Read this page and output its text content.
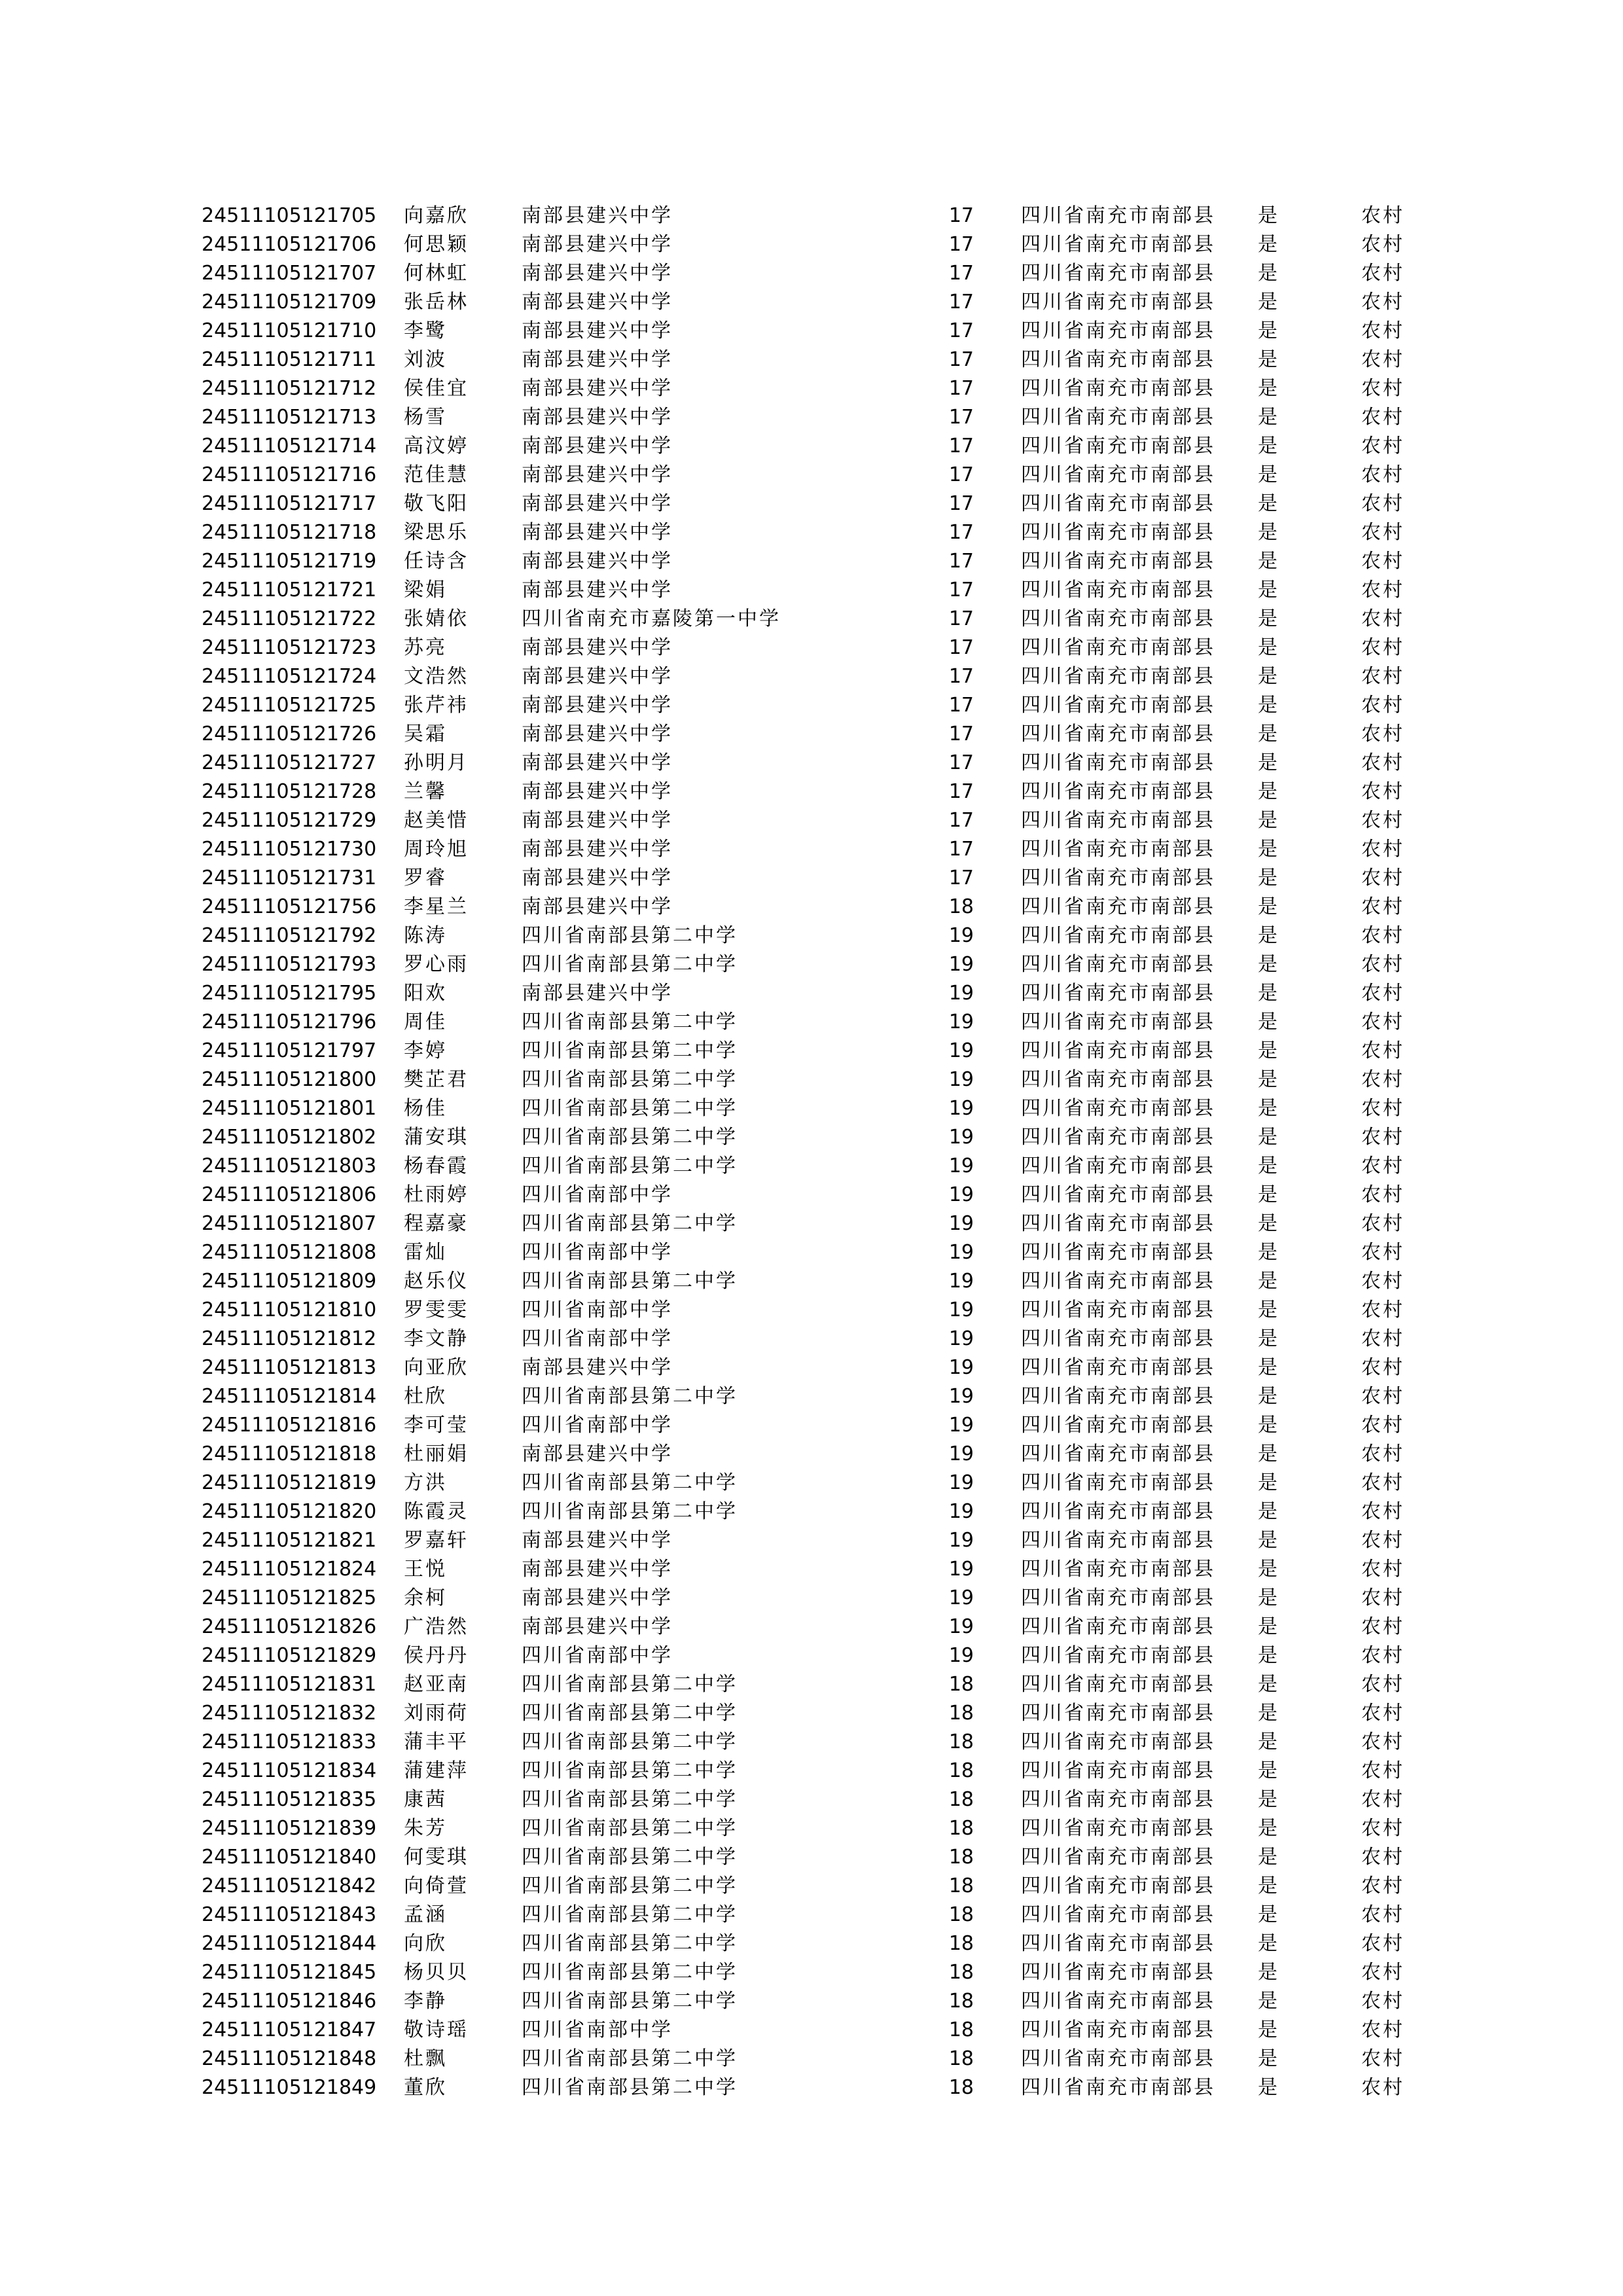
24511105121705	向嘉欣	南部县建兴中学	17	四川省南充市南部县	是	农村
24511105121706	何思颖	南部县建兴中学	17	四川省南充市南部县	是	农村
24511105121707	何林虹	南部县建兴中学	17	四川省南充市南部县	是	农村
24511105121709	张岳林	南部县建兴中学	17	四川省南充市南部县	是	农村
24511105121710	李鹭	南部县建兴中学	17	四川省南充市南部县	是	农村
24511105121711	刘波	南部县建兴中学	17	四川省南充市南部县	是	农村
24511105121712	侯佳宜	南部县建兴中学	17	四川省南充市南部县	是	农村
24511105121713	杨雪	南部县建兴中学	17	四川省南充市南部县	是	农村
24511105121714	高汶婷	南部县建兴中学	17	四川省南充市南部县	是	农村
24511105121716	范佳慧	南部县建兴中学	17	四川省南充市南部县	是	农村
24511105121717	敬飞阳	南部县建兴中学	17	四川省南充市南部县	是	农村
24511105121718	梁思乐	南部县建兴中学	17	四川省南充市南部县	是	农村
24511105121719	任诗含	南部县建兴中学	17	四川省南充市南部县	是	农村
24511105121721	梁娟	南部县建兴中学	17	四川省南充市南部县	是	农村
24511105121722	张婧依	四川省南充市嘉陵第一中学	17	四川省南充市南部县	是	农村
24511105121723	苏亮	南部县建兴中学	17	四川省南充市南部县	是	农村
24511105121724	文浩然	南部县建兴中学	17	四川省南充市南部县	是	农村
24511105121725	张芹祎	南部县建兴中学	17	四川省南充市南部县	是	农村
24511105121726	吴霜	南部县建兴中学	17	四川省南充市南部县	是	农村
24511105121727	孙明月	南部县建兴中学	17	四川省南充市南部县	是	农村
24511105121728	兰馨	南部县建兴中学	17	四川省南充市南部县	是	农村
24511105121729	赵美惜	南部县建兴中学	17	四川省南充市南部县	是	农村
24511105121730	周玲旭	南部县建兴中学	17	四川省南充市南部县	是	农村
24511105121731	罗睿	南部县建兴中学	17	四川省南充市南部县	是	农村
24511105121756	李星兰	南部县建兴中学	18	四川省南充市南部县	是	农村
24511105121792	陈涛	四川省南部县第二中学	19	四川省南充市南部县	是	农村
24511105121793	罗心雨	四川省南部县第二中学	19	四川省南充市南部县	是	农村
24511105121795	阳欢	南部县建兴中学	19	四川省南充市南部县	是	农村
24511105121796	周佳	四川省南部县第二中学	19	四川省南充市南部县	是	农村
24511105121797	李婷	四川省南部县第二中学	19	四川省南充市南部县	是	农村
24511105121800	樊芷君	四川省南部县第二中学	19	四川省南充市南部县	是	农村
24511105121801	杨佳	四川省南部县第二中学	19	四川省南充市南部县	是	农村
24511105121802	蒲安琪	四川省南部县第二中学	19	四川省南充市南部县	是	农村
24511105121803	杨春霞	四川省南部县第二中学	19	四川省南充市南部县	是	农村
24511105121806	杜雨婷	四川省南部中学	19	四川省南充市南部县	是	农村
24511105121807	程嘉豪	四川省南部县第二中学	19	四川省南充市南部县	是	农村
24511105121808	雷灿	四川省南部中学	19	四川省南充市南部县	是	农村
24511105121809	赵乐仪	四川省南部县第二中学	19	四川省南充市南部县	是	农村
24511105121810	罗雯雯	四川省南部中学	19	四川省南充市南部县	是	农村
24511105121812	李文静	四川省南部中学	19	四川省南充市南部县	是	农村
24511105121813	向亚欣	南部县建兴中学	19	四川省南充市南部县	是	农村
24511105121814	杜欣	四川省南部县第二中学	19	四川省南充市南部县	是	农村
24511105121816	李可莹	四川省南部中学	19	四川省南充市南部县	是	农村
24511105121818	杜丽娟	南部县建兴中学	19	四川省南充市南部县	是	农村
24511105121819	方洪	四川省南部县第二中学	19	四川省南充市南部县	是	农村
24511105121820	陈霞灵	四川省南部县第二中学	19	四川省南充市南部县	是	农村
24511105121821	罗嘉轩	南部县建兴中学	19	四川省南充市南部县	是	农村
24511105121824	王悦	南部县建兴中学	19	四川省南充市南部县	是	农村
24511105121825	余柯	南部县建兴中学	19	四川省南充市南部县	是	农村
24511105121826	广浩然	南部县建兴中学	19	四川省南充市南部县	是	农村
24511105121829	侯丹丹	四川省南部中学	19	四川省南充市南部县	是	农村
24511105121831	赵亚南	四川省南部县第二中学	18	四川省南充市南部县	是	农村
24511105121832	刘雨荷	四川省南部县第二中学	18	四川省南充市南部县	是	农村
24511105121833	蒲丰平	四川省南部县第二中学	18	四川省南充市南部县	是	农村
24511105121834	蒲建萍	四川省南部县第二中学	18	四川省南充市南部县	是	农村
24511105121835	康茜	四川省南部县第二中学	18	四川省南充市南部县	是	农村
24511105121839	朱芳	四川省南部县第二中学	18	四川省南充市南部县	是	农村
24511105121840	何雯琪	四川省南部县第二中学	18	四川省南充市南部县	是	农村
24511105121842	向倚萱	四川省南部县第二中学	18	四川省南充市南部县	是	农村
24511105121843	孟涵	四川省南部县第二中学	18	四川省南充市南部县	是	农村
24511105121844	向欣	四川省南部县第二中学	18	四川省南充市南部县	是	农村
24511105121845	杨贝贝	四川省南部县第二中学	18	四川省南充市南部县	是	农村
24511105121846	李静	四川省南部县第二中学	18	四川省南充市南部县	是	农村
24511105121847	敬诗瑶	四川省南部中学	18	四川省南充市南部县	是	农村
24511105121848	杜飘	四川省南部县第二中学	18	四川省南充市南部县	是	农村
24511105121849	董欣	四川省南部县第二中学	18	四川省南充市南部县	是	农村
